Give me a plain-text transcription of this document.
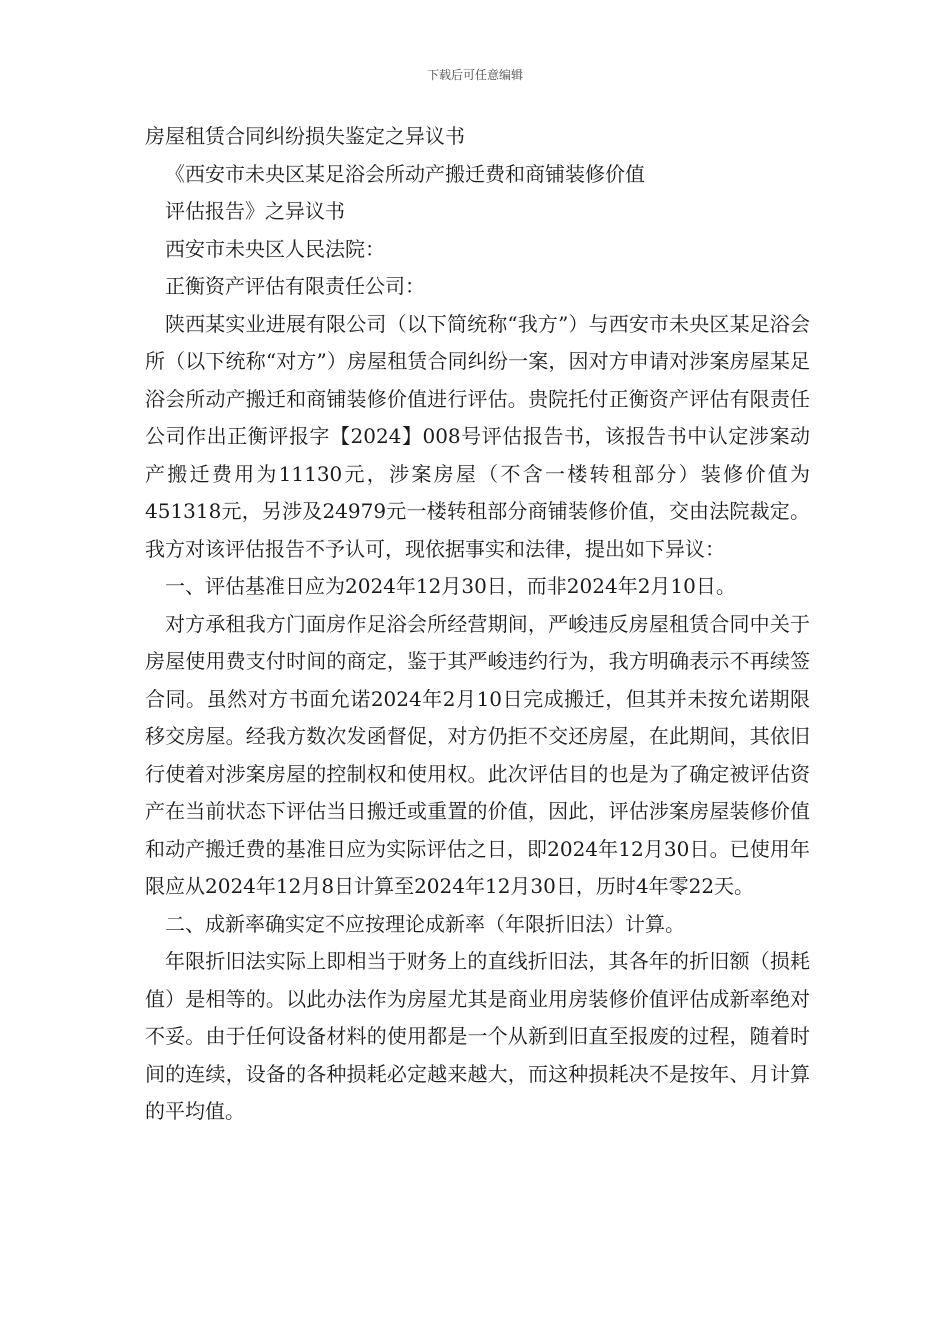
下载后可任意编辑

房屋租赁合同纠纷损失鉴定之异议书

《西安市未央区某足浴会所动产搬迁费和商铺装修价值

评估报告》之异议书

西安市未央区人民法院：

正衡资产评估有限责任公司：

陕西某实业进展有限公司（以下简统称“我方”）与西安市未央区某足浴会所（以下统称“对方”）房屋租赁合同纠纷一案，因对方申请对涉案房屋某足浴会所动产搬迁和商铺装修价值进行评估。贵院托付正衡资产评估有限责任公司作出正衡评报字【2024】008号评估报告书，该报告书中认定涉案动产搬迁费用为11130元，涉案房屋（不含一楼转租部分）装修价值为451318元，另涉及24979元一楼转租部分商铺装修价值，交由法院裁定。我方对该评估报告不予认可，现依据事实和法律，提出如下异议：

一、评估基准日应为2024年12月30日，而非2024年2月10日。

对方承租我方门面房作足浴会所经营期间，严峻违反房屋租赁合同中关于房屋使用费支付时间的商定，鉴于其严峻违约行为，我方明确表示不再续签合同。虽然对方书面允诺2024年2月10日完成搬迁，但其并未按允诺期限移交房屋。经我方数次发函督促，对方仍拒不交还房屋，在此期间，其依旧行使着对涉案房屋的控制权和使用权。此次评估目的也是为了确定被评估资产在当前状态下评估当日搬迁或重置的价值，因此，评估涉案房屋装修价值和动产搬迁费的基准日应为实际评估之日，即2024年12月30日。已使用年限应从2024年12月8日计算至2024年12月30日，历时4年零22天。

二、成新率确实定不应按理论成新率（年限折旧法）计算。

年限折旧法实际上即相当于财务上的直线折旧法，其各年的折旧额（损耗值）是相等的。以此办法作为房屋尤其是商业用房装修价值评估成新率绝对不妥。由于任何设备材料的使用都是一个从新到旧直至报废的过程，随着时间的连续，设备的各种损耗必定越来越大，而这种损耗决不是按年、月计算的平均值。
